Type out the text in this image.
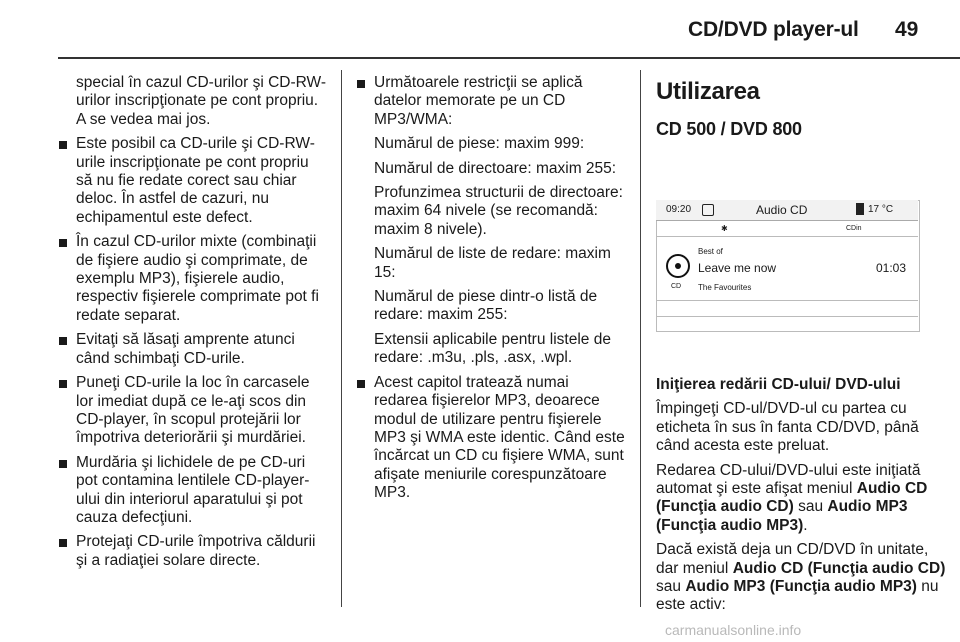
CD/DVD player-ul 49

special în cazul CD-urilor şi CD-RW-urilor inscripţionate pe cont propriu. A se vedea mai jos.

Este posibil ca CD-urile şi CD-RW-urile inscripţionate pe cont propriu să nu fie redate corect sau chiar deloc. În astfel de cazuri, nu echipamentul este defect.

În cazul CD-urilor mixte (combinaţii de fişiere audio şi comprimate, de exemplu MP3), fişierele audio, respectiv fişierele comprimate pot fi redate separat.

Evitaţi să lăsaţi amprente atunci când schimbaţi CD-urile.

Puneţi CD-urile la loc în carcasele lor imediat după ce le-aţi scos din CD-player, în scopul protejării lor împotriva deteriorării şi murdăriei.

Murdăria şi lichidele de pe CD-uri pot contamina lentilele CD-player-ului din interiorul aparatului şi pot cauza defecţiuni.

Protejaţi CD-urile împotriva căldurii şi a radiaţiei solare directe.

Următoarele restricţii se aplică datelor memorate pe un CD MP3/WMA:

Numărul de piese: maxim 999:

Numărul de directoare: maxim 255:

Profunzimea structurii de directoare: maxim 64 nivele (se recomandă: maxim 8 nivele).

Numărul de liste de redare: maxim 15:

Numărul de piese dintr-o listă de redare: maxim 255:

Extensii aplicabile pentru listele de redare: .m3u, .pls, .asx, .wpl.

Acest capitol tratează numai redarea fişierelor MP3, deoarece modul de utilizare pentru fişierele MP3 şi WMA este identic. Când este încărcat un CD cu fişiere WMA, sunt afişate meniurile corespunzătoare MP3.

Utilizarea
CD 500 / DVD 800
09:20	Audio CD	17 °C
✱	CDin
Best of
Leave me now	01:03
CD The Favourites

Iniţierea redării CD-ului/ DVD-ului

Împingeţi CD-ul/DVD-ul cu partea cu eticheta în sus în fanta CD/DVD, până când acesta este preluat.

Redarea CD-ului/DVD-ului este iniţiată automat şi este afişat meniul Audio CD (Funcţia audio CD) sau Audio MP3 (Funcţia audio MP3).

Dacă există deja un CD/DVD în unitate, dar meniul Audio CD (Funcţia audio CD) sau Audio MP3 (Funcţia audio MP3) nu este activ:

carmanualsonline.info
